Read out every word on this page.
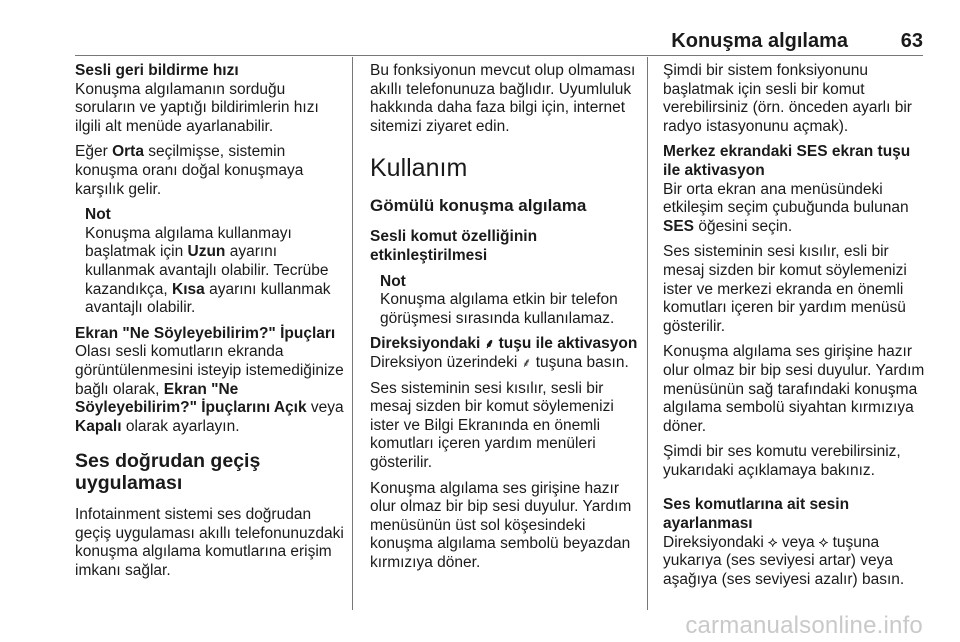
Konuşma algılama	63

Sesli geri bildirme hızı

Konuşma algılamanın sorduğu soruların ve yaptığı bildirimlerin hızı ilgili alt menüde ayarlanabilir.

Eğer Orta seçilmişse, sistemin konuşma oranı doğal konuşmaya karşılık gelir.

Not
Konuşma algılama kullanmayı başlatmak için Uzun ayarını kullanmak avantajlı olabilir. Tecrübe kazandıkça, Kısa ayarını kullanmak avantajlı olabilir.

Ekran "Ne Söyleyebilirim?" İpuçları

Olası sesli komutların ekranda görüntülenmesini isteyip istemediğinize bağlı olarak, Ekran "Ne Söyleyebilirim?" İpuçlarını Açık veya Kapalı olarak ayarlayın.

Ses doğrudan geçiş uygulaması

Infotainment sistemi ses doğrudan geçiş uygulaması akıllı telefonunuzdaki konuşma algılama komutlarına erişim imkanı sağlar.

Bu fonksiyonun mevcut olup olmaması akıllı telefonunuza bağlıdır. Uyumluluk hakkında daha faza bilgi için, internet sitemizi ziyaret edin.

Kullanım
Gömülü konuşma algılama

Sesli komut özelliğinin etkinleştirilmesi

Not
Konuşma algılama etkin bir telefon görüşmesi sırasında kullanılamaz.

Direksiyondaki ⸙ tuşu ile aktivasyon

Direksiyon üzerindeki ⸙ tuşuna basın.

Ses sisteminin sesi kısılır, sesli bir mesaj sizden bir komut söylemenizi ister ve Bilgi Ekranında en önemli komutları içeren yardım menüleri gösterilir.

Konuşma algılama ses girişine hazır olur olmaz bir bip sesi duyulur. Yardım menüsünün üst sol köşesindeki konuşma algılama sembolü beyazdan kırmızıya döner.

Şimdi bir sistem fonksiyonunu başlatmak için sesli bir komut verebilirsiniz (örn. önceden ayarlı bir radyo istasyonunu açmak).

Merkez ekrandaki SES ekran tuşu ile aktivasyon

Bir orta ekran ana menüsündeki etkileşim seçim çubuğunda bulunan SES öğesini seçin.

Ses sisteminin sesi kısılır, esli bir mesaj sizden bir komut söylemenizi ister ve merkezi ekranda en önemli komutları içeren bir yardım menüsü gösterilir.

Konuşma algılama ses girişine hazır olur olmaz bir bip sesi duyulur. Yardım menüsünün sağ tarafındaki konuşma algılama sembolü siyahtan kırmızıya döner.

Şimdi bir ses komutu verebilirsiniz, yukarıdaki açıklamaya bakınız.

Ses komutlarına ait sesin ayarlanması

Direksiyondaki ⯎ veya ⯎ tuşuna yukarıya (ses seviyesi artar) veya aşağıya (ses seviyesi azalır) basın.

carmanualsonline.info
